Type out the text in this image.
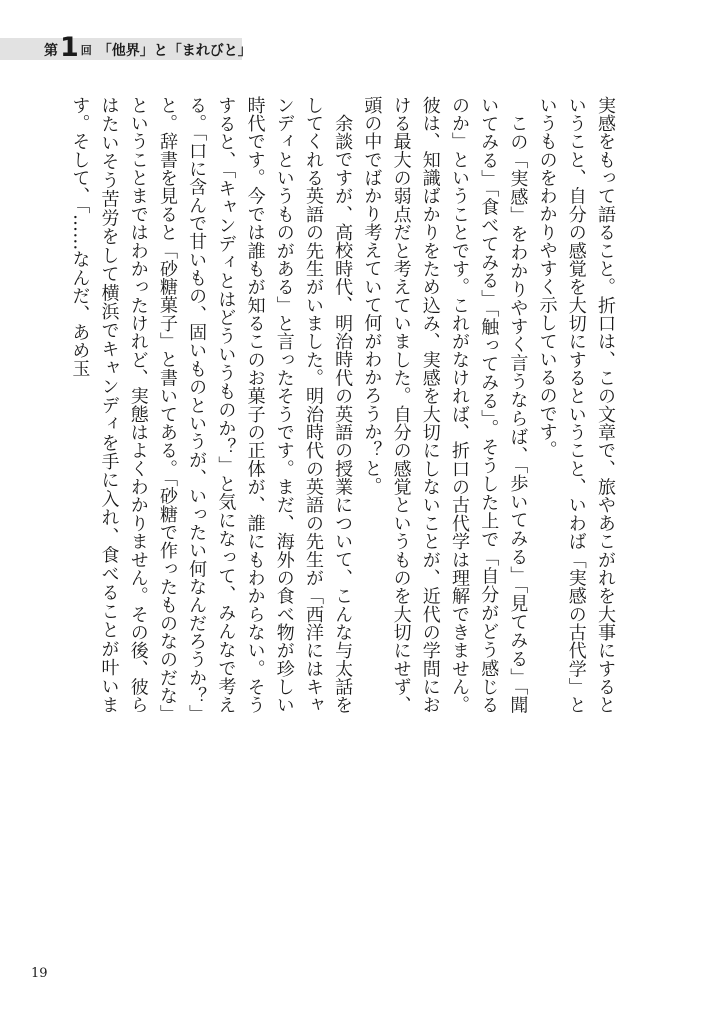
第 1 回 「他界」と「まれびと」

実感をもって語ること。折口は、この文章で、旅やあこがれを大事にするということ、自分の感覚を大切にするということ、いわば「実感の古代学」というものをわかりやすく示しているのです。

この「実感」をわかりやすく言うならば、「歩いてみる」「見てみる」「聞いてみる」「食べてみる」「触ってみる」。そうした上で「自分がどう感じるのか」ということです。これがなければ、折口の古代学は理解できません。彼は、知識ばかりをため込み、実感を大切にしないことが、近代の学問における最大の弱点だと考えていました。自分の感覚というものを大切にせず、頭の中でばかり考えていて何がわかろうか？と。

余談ですが、高校時代、明治時代の英語の授業について、こんな与太話をしてくれる英語の先生がいました。明治時代の英語の先生が「西洋にはキャンディというものがある」と言ったそうです。まだ、海外の食べ物が珍しい時代です。今では誰もが知るこのお菓子の正体が、誰にもわからない。そうすると、「キャンディとはどういうものか？」と気になって、みんなで考える。「口に含んで甘いもの、固いものというが、いったい何なんだろうか？」と。辞書を見ると「砂糖菓子」と書いてある。「砂糖で作ったものなのだな」ということまではわかったけれど、実態はよくわかりません。その後、彼らはたいそう苦労をして横浜でキャンディを手に入れ、食べることが叶います。そして、「……なんだ、あめ玉

19
